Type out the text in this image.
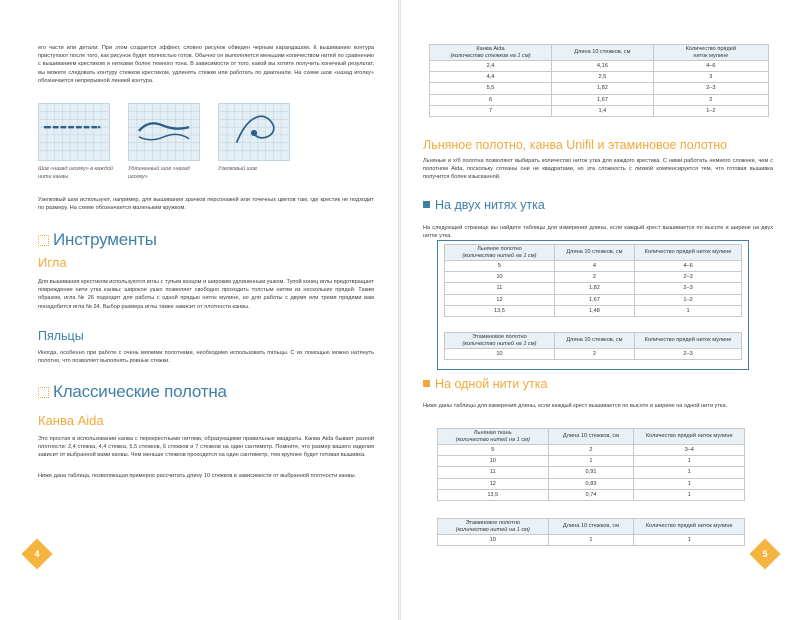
его части или детали. При этом создается эффект, словно рисунок обведен черным карандашом. К вышиванию контура приступают после того, как рисунок будет полностью готов. Обычно он выполняется меньшим количеством нитей по сравнению с вышиванием крестиком и нитками более темного тона. В зависимости от того, какой вы хотите получить конечный результат, вы можете следовать контуру стежков крестиком, удлинять стежки или работать по диагонали. На схеме шов «назад иголку» обозначается непрерывной линией контура.
Шов «назад иголку» в каждой нити канвы
Удлиненный шов «назад иголку»
Узелковый шов
Узелковый шов используют, например, для вышивания зрачков персонажей или точечных цветов там, где крестик не подходит по размеру. На схеме обозначается маленьким кружком.
Инструменты
Игла
Для вышивания крестиком используются иглы с тупым концом и широким удлиненным ушком. Тупой конец иглы предотвращает повреждение нити утка канвы; широкое ушко позволяет свободно проходить толстым нитям из нескольких прядей. Таким образом, игла № 26 подходит для работы с одной прядью ниток мулине, но для работы с двумя или тремя прядями вам понадобится игла № 24. Выбор размера иглы также зависит от плотности канвы.
Пяльцы
Иногда, особенно при работе с очень мягкими полотнами, необходимо использовать пяльцы. С их помощью можно натянуть полотно, что позволяет выполнять ровные стежки.
Классические полотна
Канва Aida
Это простая в использовании канва с перекрестными нитями, образующими правильные квадраты. Канва Aida бывает разной плотности: 2,4 стежка, 4,4 стежка, 5,5 стежков, 6 стежков и 7 стежков на один сантиметр. Помните, что размер вашего изделия зависит от выбранной вами канвы. Чем меньше стежков проходится на один сантиметр, тем крупнее будет готовая вышивка.
Ниже дана таблица, позволяющая примерно рассчитать длину 10 стежков в зависимости от выбранной плотности канвы.
4
Канва Aida
(количество стежков на 1 см)	Длина 10 стежков, см	Количество прядей
ниток мулине
2,4	4,16	4–6
4,4	2,5	3
5,5	1,82	2–3
6	1,67	2
7	1,4	1–2
Льняное полотно, канва Unifil и этаминовое полотно
Льняные и х/б полотна позволяют выбирать количество ниток утка для каждого крестика. С ними работать немного сложнее, чем с полотном Aida, поскольку сотканы они не квадратами, но эта сложность с лихвой компенсируется тем, что готовая вышивка получится более изысканной.
На двух нитях утка
На следующей странице вы найдете таблицы для измерения длины, если каждый крест вышивается по высоте и ширине на двух нитях утка.
Льняное полотно
(количество нитей на 1 см)	Длина 10 стежков, см	Количество прядей ниток мулине
5	4	4–6
10	2	2–3
11	1,82	2–3
12	1,67	1–2
13,5	1,48	1
Этаминовое полотно
(количество нитей на 1 см)	Длина 10 стежков, см	Количество прядей ниток мулине
10	2	2–3
На одной нити утка
Ниже даны таблицы для измерения длины, если каждый крест вышивается по высоте и ширине на одной нити утка.
Льняная ткань
(количество нитей на 1 см)	Длина 10 стежков, см	Количество прядей ниток мулине
5	2	3–4
10	1	1
11	0,91	1
12	0,83	1
13,5	0,74	1
Этаминовое полотно
(количество нитей на 1 см)	Длина 10 стежков, см	Количество прядей ниток мулине
10	1	1
5
